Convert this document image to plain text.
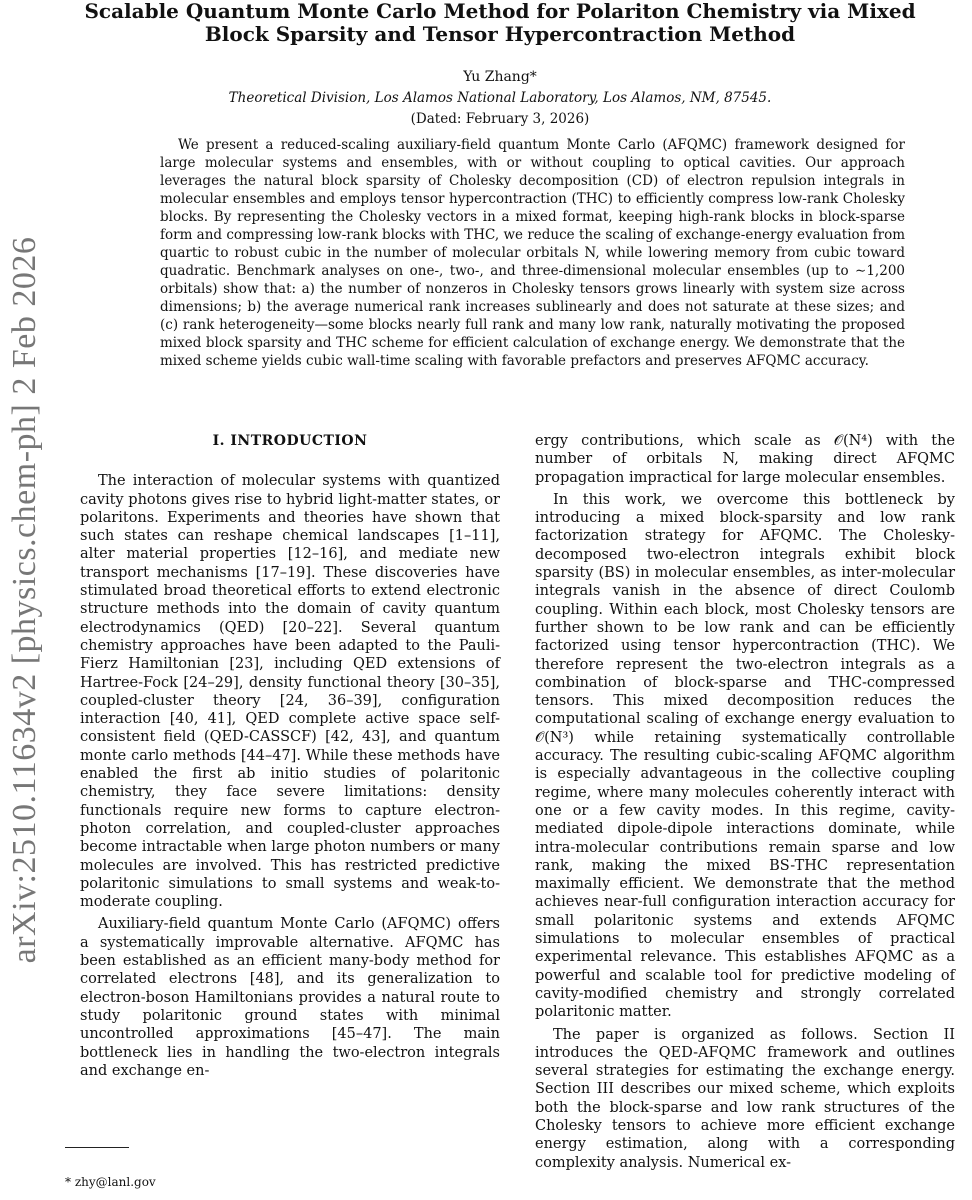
arXiv:2510.11634v2 [physics.chem-ph] 2 Feb 2026
Scalable Quantum Monte Carlo Method for Polariton Chemistry via Mixed Block Sparsity and Tensor Hypercontraction Method
Yu Zhang*
Theoretical Division, Los Alamos National Laboratory, Los Alamos, NM, 87545.
(Dated: February 3, 2026)

We present a reduced-scaling auxiliary-field quantum Monte Carlo (AFQMC) framework designed for large molecular systems and ensembles, with or without coupling to optical cavities. Our approach leverages the natural block sparsity of Cholesky decomposition (CD) of electron repulsion integrals in molecular ensembles and employs tensor hypercontraction (THC) to efficiently compress low-rank Cholesky blocks. By representing the Cholesky vectors in a mixed format, keeping high-rank blocks in block-sparse form and compressing low-rank blocks with THC, we reduce the scaling of exchange-energy evaluation from quartic to robust cubic in the number of molecular orbitals N, while lowering memory from cubic toward quadratic. Benchmark analyses on one-, two-, and three-dimensional molecular ensembles (up to ∼1,200 orbitals) show that: a) the number of nonzeros in Cholesky tensors grows linearly with system size across dimensions; b) the average numerical rank increases sublinearly and does not saturate at these sizes; and (c) rank heterogeneity—some blocks nearly full rank and many low rank, naturally motivating the proposed mixed block sparsity and THC scheme for efficient calculation of exchange energy. We demonstrate that the mixed scheme yields cubic wall-time scaling with favorable prefactors and preserves AFQMC accuracy.

I. INTRODUCTION

The interaction of molecular systems with quantized cavity photons gives rise to hybrid light-matter states, or polaritons. Experiments and theories have shown that such states can reshape chemical landscapes [1–11], alter material properties [12–16], and mediate new transport mechanisms [17–19]. These discoveries have stimulated broad theoretical efforts to extend electronic structure methods into the domain of cavity quantum electrodynamics (QED) [20–22]. Several quantum chemistry approaches have been adapted to the Pauli-Fierz Hamiltonian [23], including QED extensions of Hartree-Fock [24–29], density functional theory [30–35], coupled-cluster theory [24, 36–39], configuration interaction [40, 41], QED complete active space self-consistent field (QED-CASSCF) [42, 43], and quantum monte carlo methods [44–47]. While these methods have enabled the first ab initio studies of polaritonic chemistry, they face severe limitations: density functionals require new forms to capture electron-photon correlation, and coupled-cluster approaches become intractable when large photon numbers or many molecules are involved. This has restricted predictive polaritonic simulations to small systems and weak-to-moderate coupling.

Auxiliary-field quantum Monte Carlo (AFQMC) offers a systematically improvable alternative. AFQMC has been established as an efficient many-body method for correlated electrons [48], and its generalization to electron-boson Hamiltonians provides a natural route to study polaritonic ground states with minimal uncontrolled approximations [45–47]. The main bottleneck lies in handling the two-electron integrals and exchange en-

ergy contributions, which scale as 𝒪(N⁴) with the number of orbitals N, making direct AFQMC propagation impractical for large molecular ensembles.

In this work, we overcome this bottleneck by introducing a mixed block-sparsity and low rank factorization strategy for AFQMC. The Cholesky-decomposed two-electron integrals exhibit block sparsity (BS) in molecular ensembles, as inter-molecular integrals vanish in the absence of direct Coulomb coupling. Within each block, most Cholesky tensors are further shown to be low rank and can be efficiently factorized using tensor hypercontraction (THC). We therefore represent the two-electron integrals as a combination of block-sparse and THC-compressed tensors. This mixed decomposition reduces the computational scaling of exchange energy evaluation to 𝒪(N³) while retaining systematically controllable accuracy. The resulting cubic-scaling AFQMC algorithm is especially advantageous in the collective coupling regime, where many molecules coherently interact with one or a few cavity modes. In this regime, cavity-mediated dipole-dipole interactions dominate, while intra-molecular contributions remain sparse and low rank, making the mixed BS-THC representation maximally efficient. We demonstrate that the method achieves near-full configuration interaction accuracy for small polaritonic systems and extends AFQMC simulations to molecular ensembles of practical experimental relevance. This establishes AFQMC as a powerful and scalable tool for predictive modeling of cavity-modified chemistry and strongly correlated polaritonic matter.

The paper is organized as follows. Section II introduces the QED-AFQMC framework and outlines several strategies for estimating the exchange energy. Section III describes our mixed scheme, which exploits both the block-sparse and low rank structures of the Cholesky tensors to achieve more efficient exchange energy estimation, along with a corresponding complexity analysis. Numerical ex-

* zhy@lanl.gov
